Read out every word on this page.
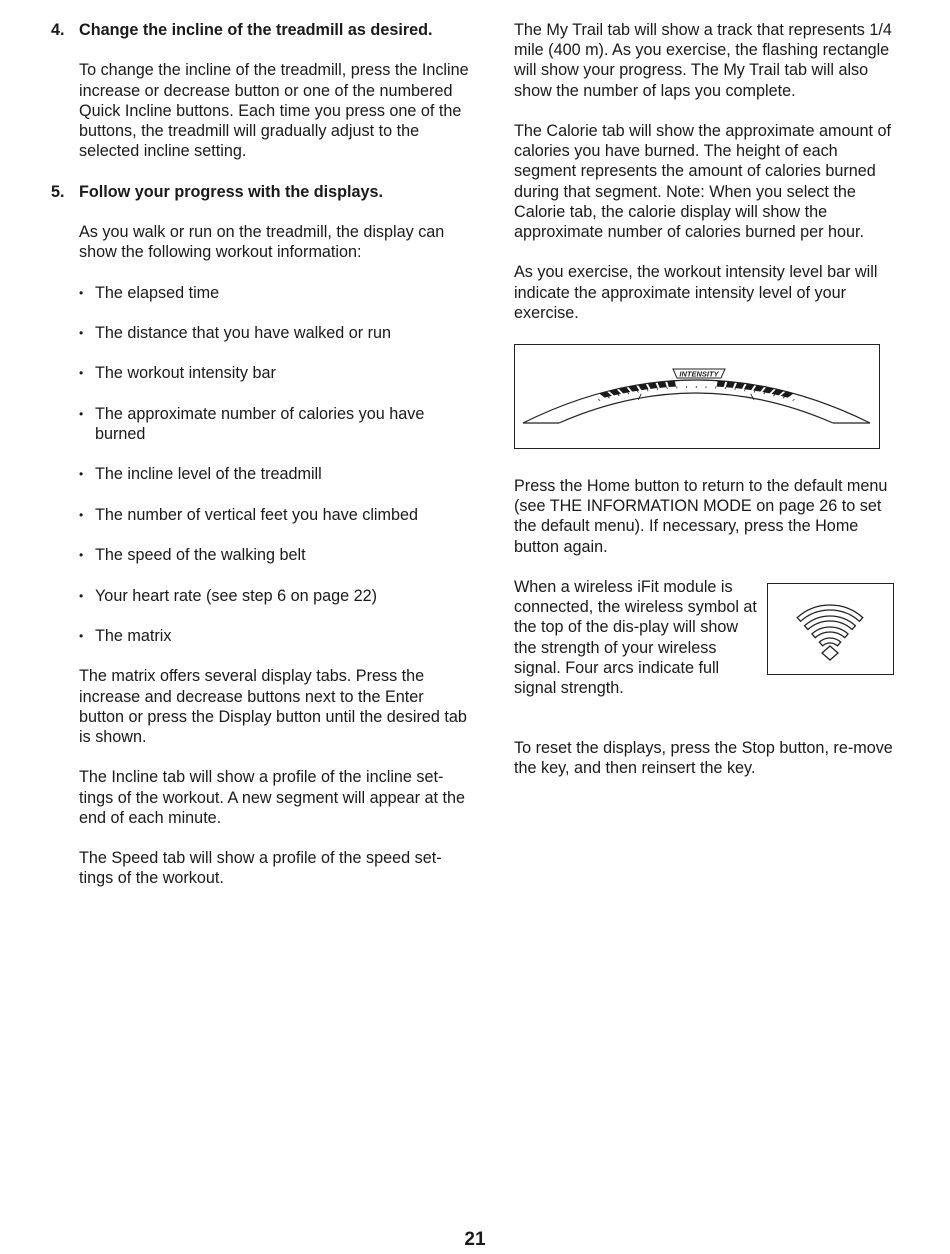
4. Change the incline of the treadmill as desired.

To change the incline of the treadmill, press the Incline increase or decrease button or one of the numbered Quick Incline buttons. Each time you press one of the buttons, the treadmill will gradually adjust to the selected incline setting.

5. Follow your progress with the displays.

As you walk or run on the treadmill, the display can show the following workout information:

• The elapsed time
• The distance that you have walked or run
• The workout intensity bar
• The approximate number of calories you have burned
• The incline level of the treadmill
• The number of vertical feet you have climbed
• The speed of the walking belt
• Your heart rate (see step 6 on page 22)
• The matrix

The matrix offers several display tabs. Press the increase and decrease buttons next to the Enter button or press the Display button until the desired tab is shown.

The Incline tab will show a profile of the incline set-tings of the workout. A new segment will appear at the end of each minute.

The Speed tab will show a profile of the speed set-tings of the workout.

The My Trail tab will show a track that represents 1/4 mile (400 m). As you exercise, the flashing rectangle will show your progress. The My Trail tab will also show the number of laps you complete.

The Calorie tab will show the approximate amount of calories you have burned. The height of each segment represents the amount of calories burned during that segment. Note: When you select the Calorie tab, the calorie display will show the approximate number of calories burned per hour.

As you exercise, the workout intensity level bar will indicate the approximate intensity level of your exercise.

INTENSITY

Press the Home button to return to the default menu (see THE INFORMATION MODE on page 26 to set the default menu). If necessary, press the Home button again.

When a wireless iFit module is connected, the wireless symbol at the top of the dis-play will show the strength of your wireless signal. Four arcs indicate full signal strength.

To reset the displays, press the Stop button, re-move the key, and then reinsert the key.

21
